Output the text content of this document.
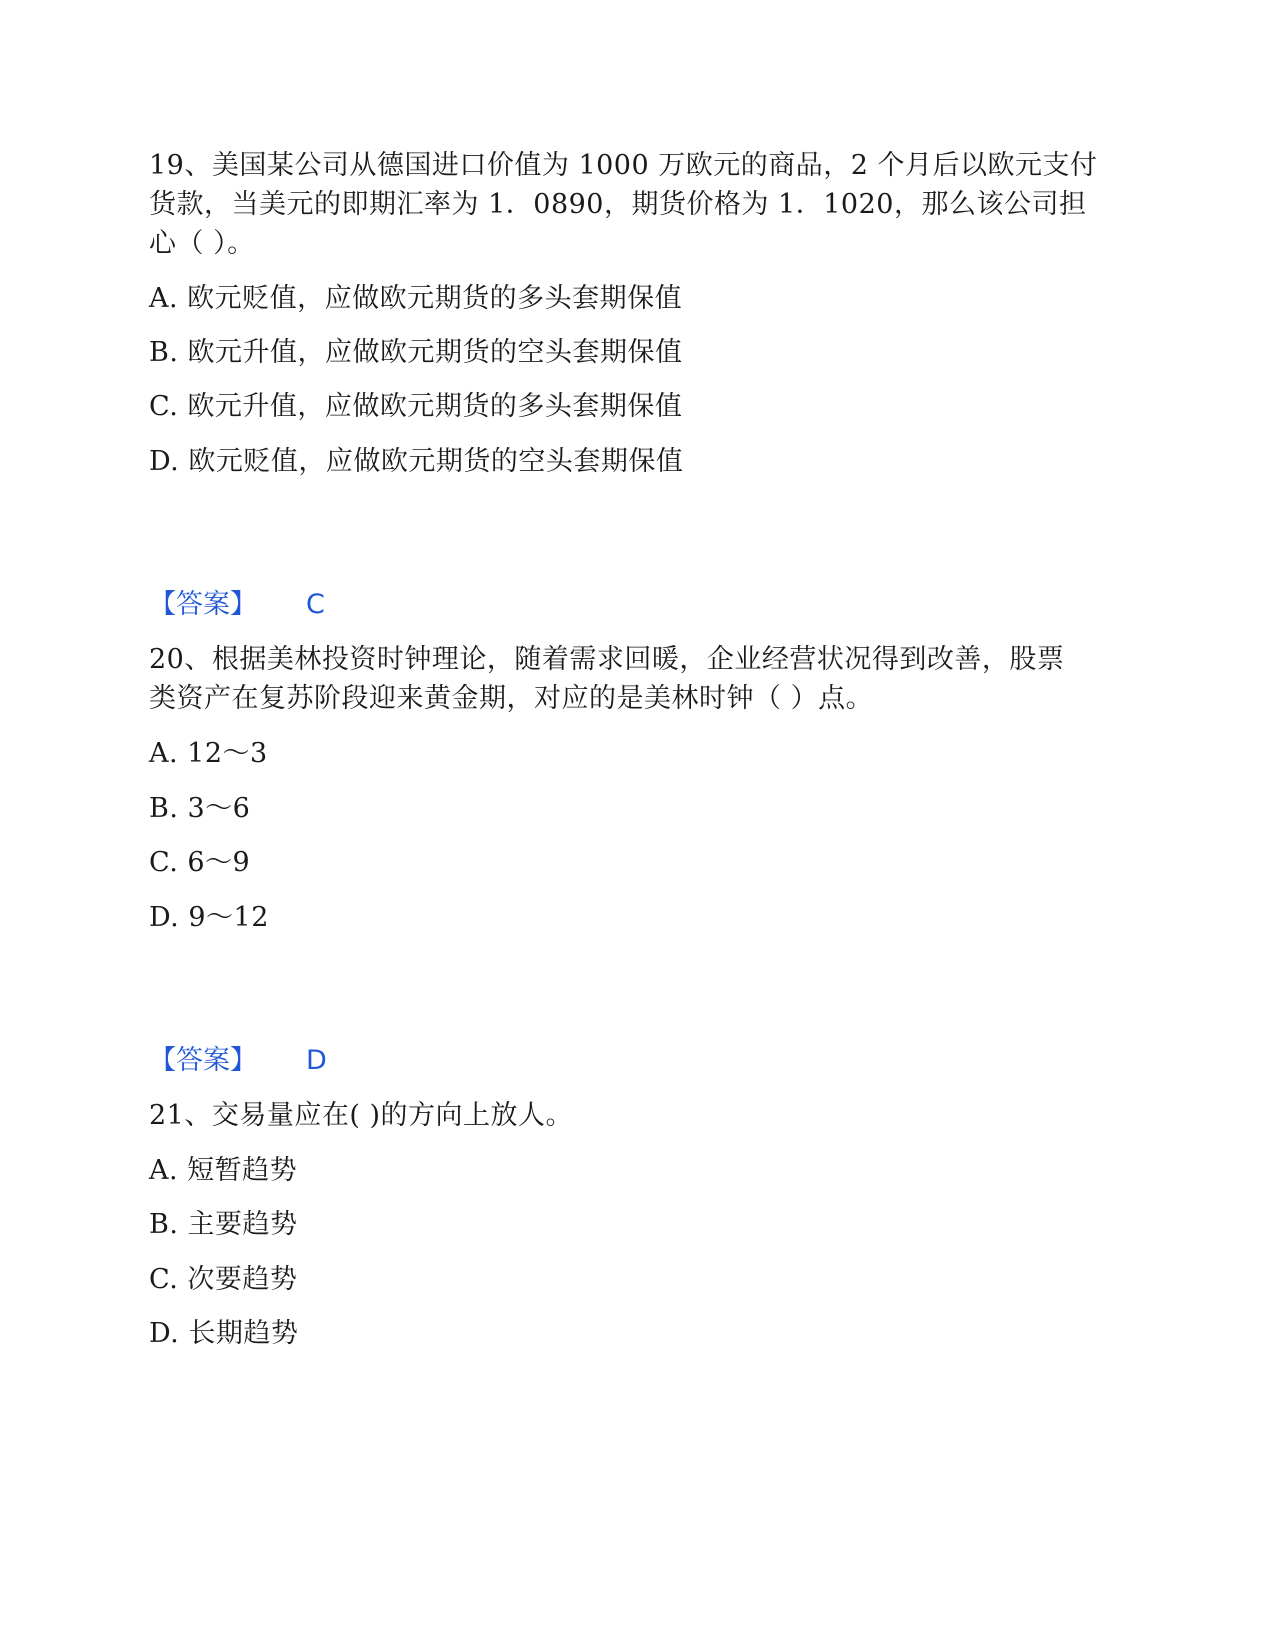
19、美国某公司从德国进口价值为 1000 万欧元的商品，2 个月后以欧元支付
货款，当美元的即期汇率为 1．0890，期货价格为 1．1020，那么该公司担
心（ ）。
A. 欧元贬值，应做欧元期货的多头套期保值
B. 欧元升值，应做欧元期货的空头套期保值
C. 欧元升值，应做欧元期货的多头套期保值
D. 欧元贬值，应做欧元期货的空头套期保值
【答案】 C
20、根据美林投资时钟理论，随着需求回暖，企业经营状况得到改善，股票
类资产在复苏阶段迎来黄金期，对应的是美林时钟（ ）点。
A. 12～3
B. 3～6
C. 6～9
D. 9～12
【答案】 D
21、交易量应在( )的方向上放人。
A. 短暂趋势
B. 主要趋势
C. 次要趋势
D. 长期趋势
